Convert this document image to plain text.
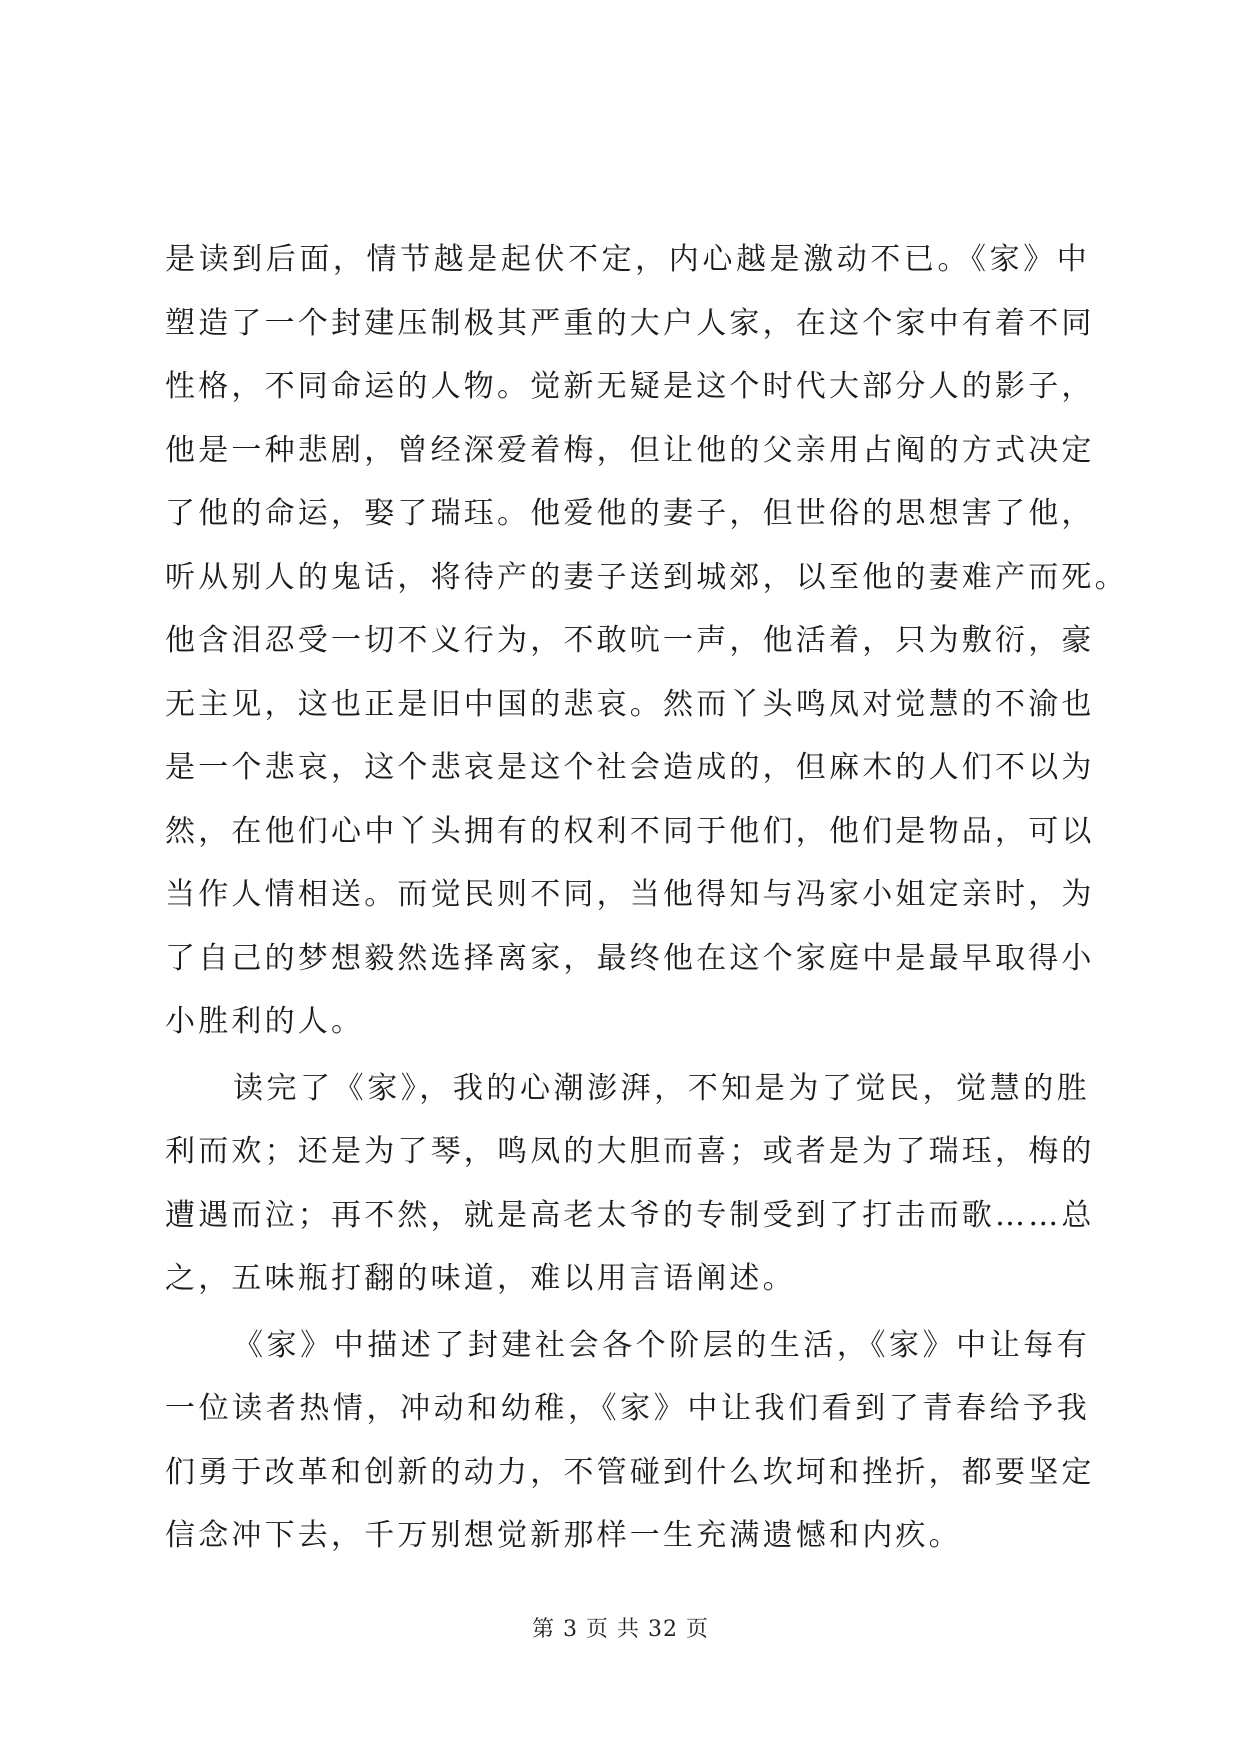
是读到后面，情节越是起伏不定，内心越是激动不已。《家》中
塑造了一个封建压制极其严重的大户人家，在这个家中有着不同
性格，不同命运的人物。觉新无疑是这个时代大部分人的影子，
他是一种悲剧，曾经深爱着梅，但让他的父亲用占阄的方式决定
了他的命运，娶了瑞珏。他爱他的妻子，但世俗的思想害了他，
听从别人的鬼话，将待产的妻子送到城郊，以至他的妻难产而死。
他含泪忍受一切不义行为，不敢吭一声，他活着，只为敷衍，豪
无主见，这也正是旧中国的悲哀。然而丫头鸣凤对觉慧的不渝也
是一个悲哀，这个悲哀是这个社会造成的，但麻木的人们不以为
然，在他们心中丫头拥有的权利不同于他们，他们是物品，可以
当作人情相送。而觉民则不同，当他得知与冯家小姐定亲时，为
了自己的梦想毅然选择离家，最终他在这个家庭中是最早取得小
小胜利的人。
读完了《家》，我的心潮澎湃，不知是为了觉民，觉慧的胜
利而欢；还是为了琴，鸣凤的大胆而喜；或者是为了瑞珏，梅的
遭遇而泣；再不然，就是高老太爷的专制受到了打击而歌……总
之，五味瓶打翻的味道，难以用言语阐述。
《家》中描述了封建社会各个阶层的生活，《家》中让每有
一位读者热情，冲动和幼稚，《家》中让我们看到了青春给予我
们勇于改革和创新的动力，不管碰到什么坎坷和挫折，都要坚定
信念冲下去，千万别想觉新那样一生充满遗憾和内疚。
第 3 页 共 32 页
